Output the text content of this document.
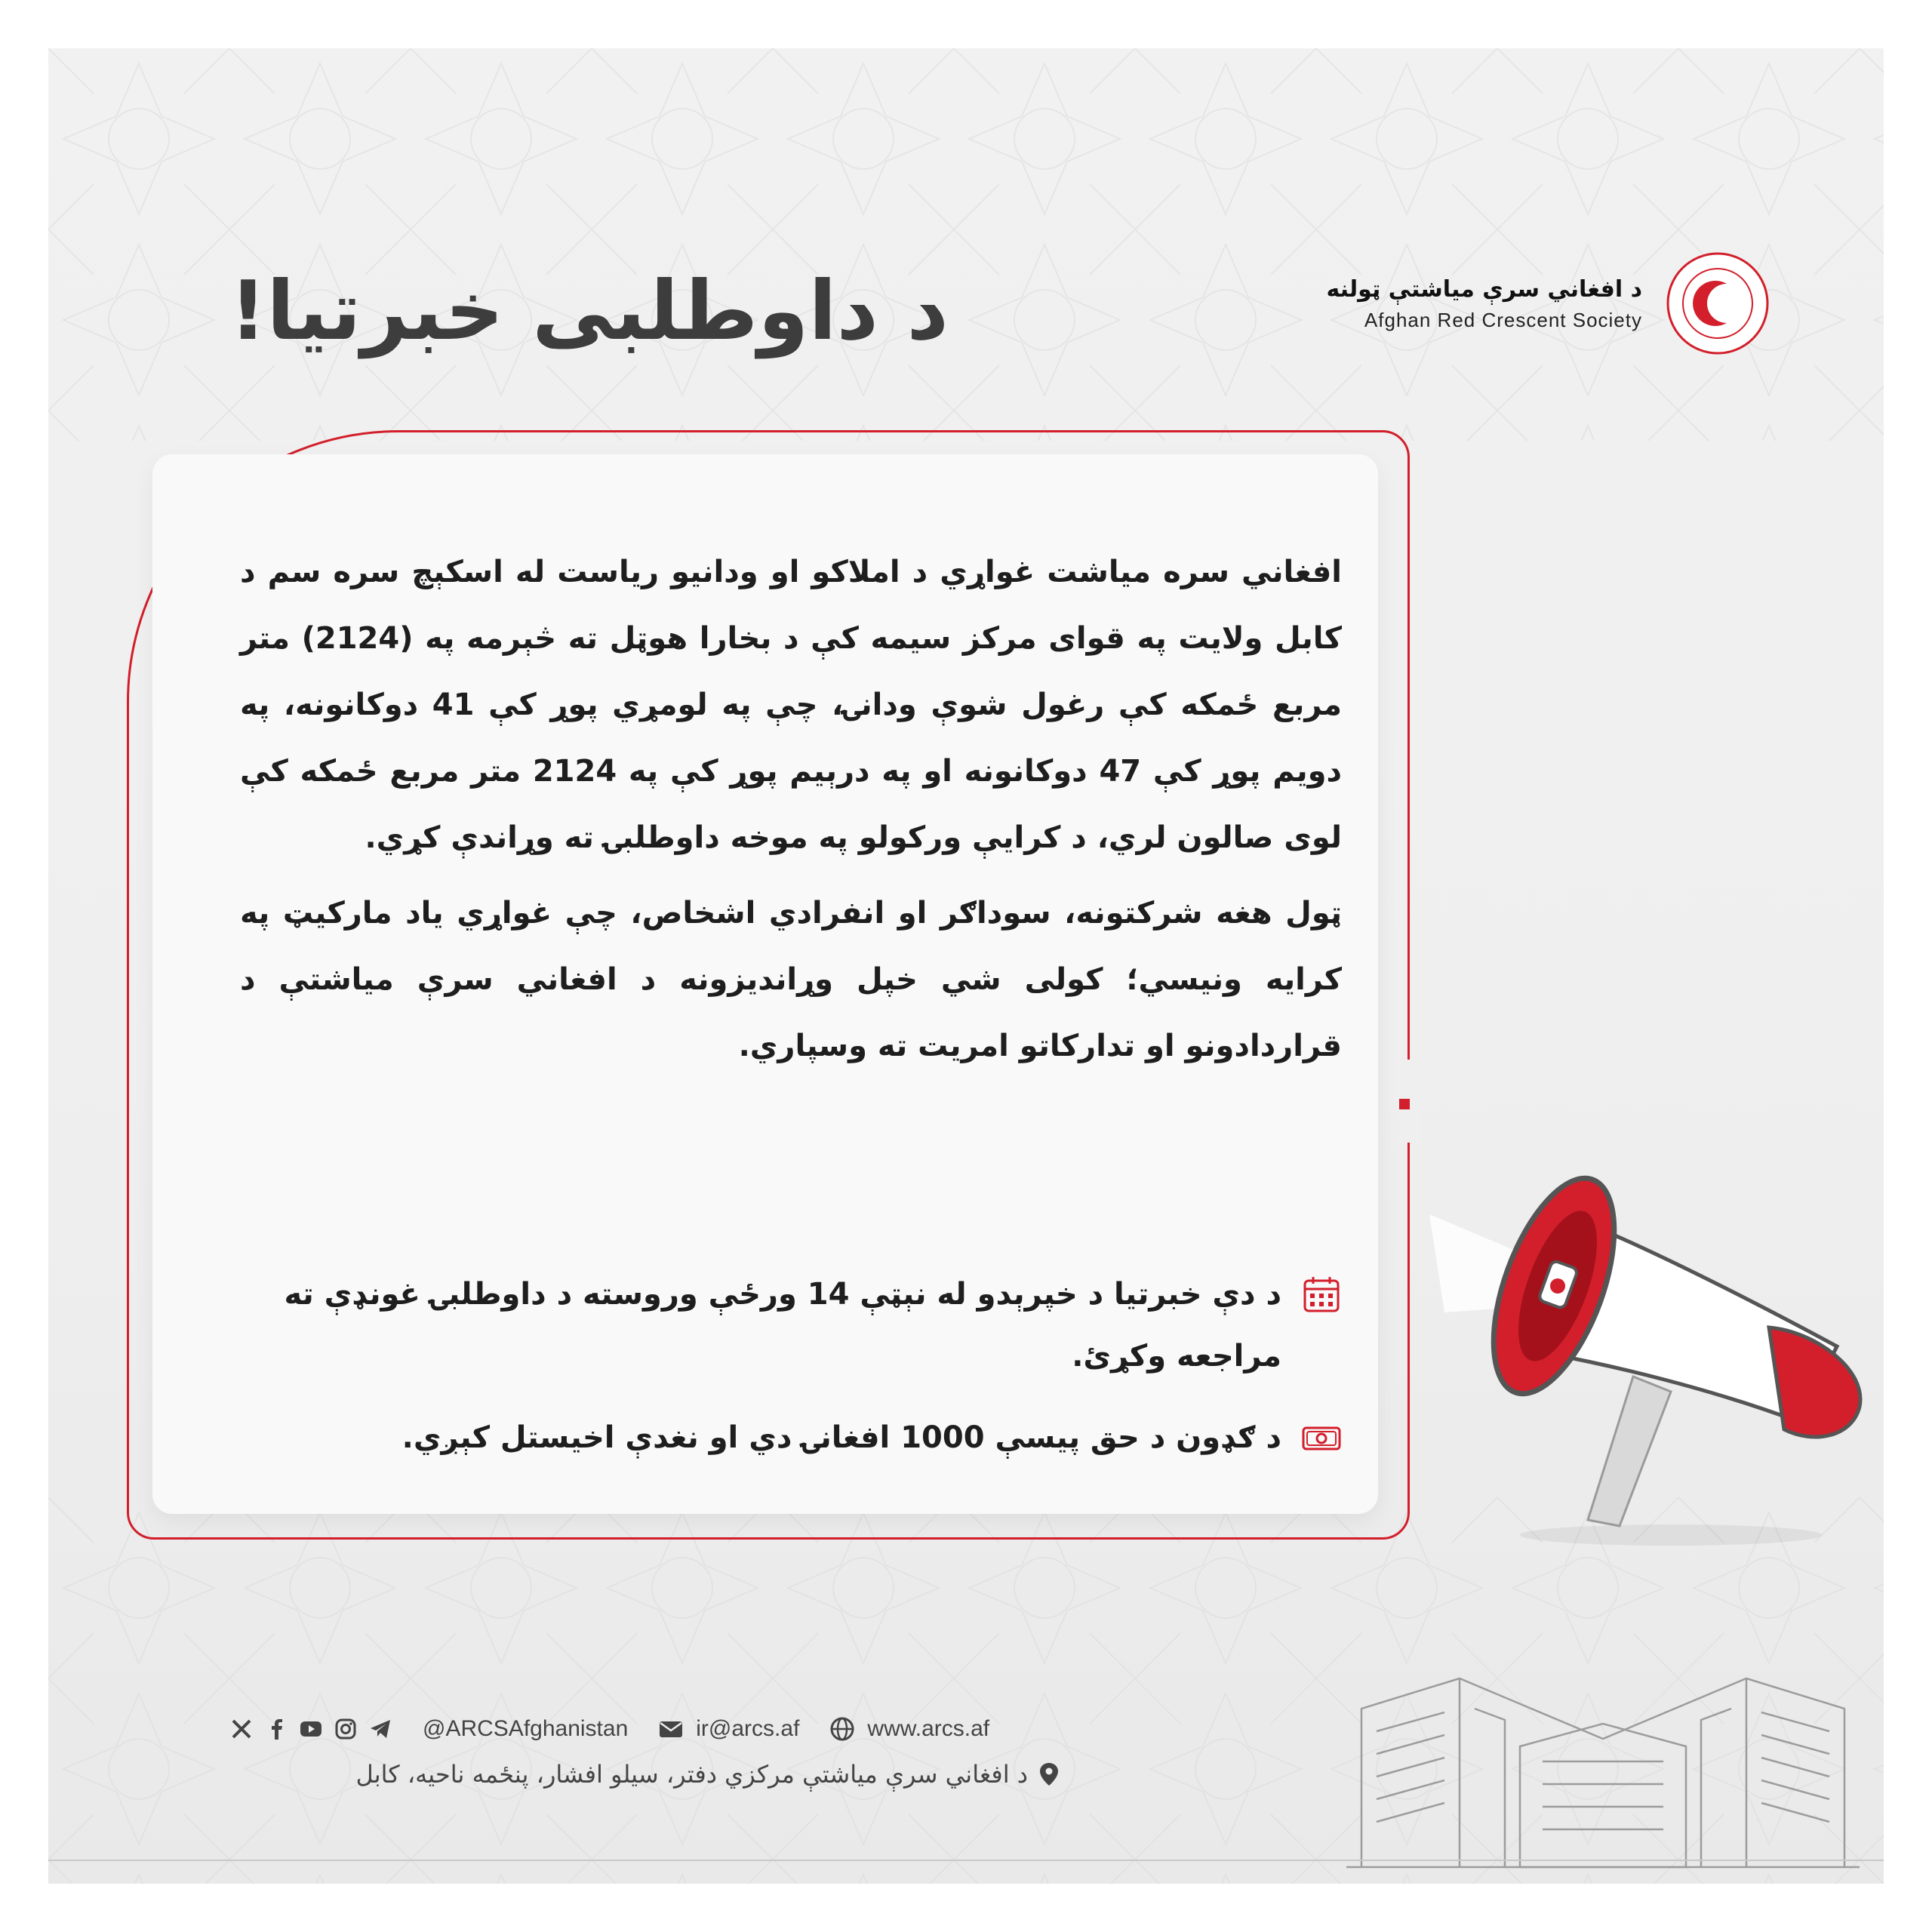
د داوطلبی خبرتیا!	د افغاني سرې میاشتې ټولنه
Afghan Red Crescent Society

افغاني سره میاشت غواړي د املاکو او ودانیو ریاست له اسکېچ سره سم د کابل ولایت په قوای مرکز سیمه کې د بخارا هوټل ته څېرمه په (2124) متر مربع ځمکه کې رغول شوې ودانۍ، چې په لومړي پوړ کې 41 دوکانونه، په دویم پوړ کې 47 دوکانونه او په درېیم پوړ کې په 2124 متر مربع ځمکه کې لوی صالون لري، د کرایې ورکولو په موخه داوطلبۍ ته وړاندې کړي.

ټول هغه شرکتونه، سوداګر او انفرادي اشخاص، چې غواړي یاد مارکیټ په کرایه ونیسي؛ کولی شي خپل وړاندیزونه د افغاني سرې میاشتې د قراردادونو او تدارکاتو امریت ته وسپاري.

د دې خبرتیا د خپرېدو له نېټې 14 ورځې وروسته د داوطلبۍ غونډې ته مراجعه وکړئ.
د ګډون د حق پیسې 1000 افغانۍ دي او نغدې اخیستل کېږي.
@ARCSAfghanistan	ir@arcs.af	www.arcs.af
د افغاني سرې میاشتې مرکزي دفتر، سیلو افشار، پنځمه ناحیه، کابل
